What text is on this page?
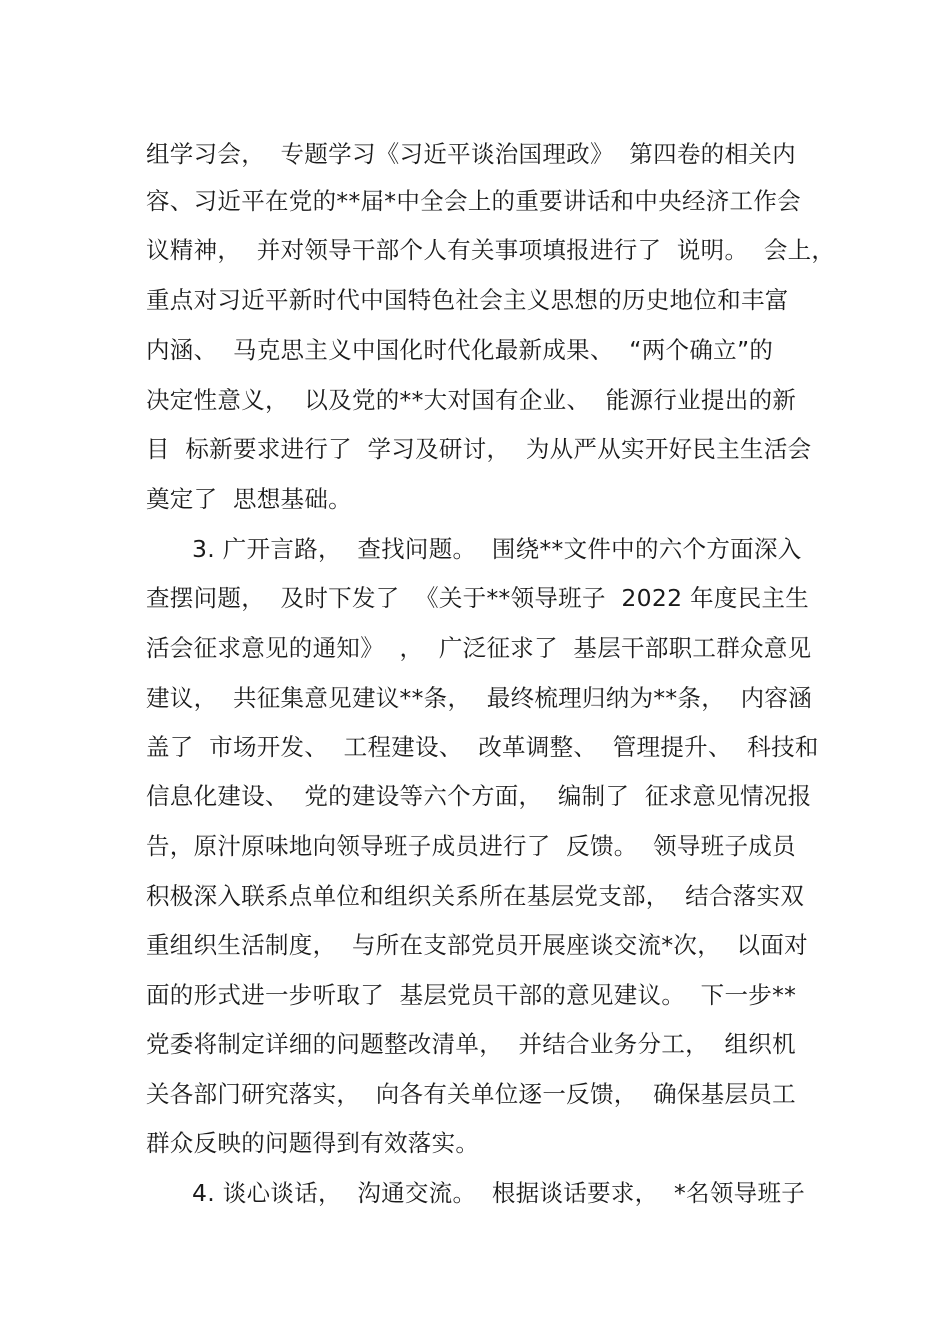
组学习会，  专题学习《习近平谈治国理政》  第四卷的相关内
容、习近平在党的**届*中全会上的重要讲话和中央经济工作会
议精神，  并对领导干部个人有关事项填报进行了  说明。  会上，
重点对习近平新时代中国特色社会主义思想的历史地位和丰富
内涵、  马克思主义中国化时代化最新成果、  “两个确立”的
决定性意义，  以及党的**大对国有企业、  能源行业提出的新
目  标新要求进行了  学习及研讨，  为从严从实开好民主生活会
奠定了  思想基础。
3. 广开言路，  查找问题。  围绕**文件中的六个方面深入
查摆问题，  及时下发了  《关于**领导班子  2022 年度民主生
活会征求意见的通知》  ，  广泛征求了  基层干部职工群众意见
建议，  共征集意见建议**条，  最终梳理归纳为**条，  内容涵
盖了  市场开发、  工程建设、  改革调整、  管理提升、  科技和
信息化建设、  党的建设等六个方面，  编制了  征求意见情况报
告，原汁原味地向领导班子成员进行了  反馈。  领导班子成员
积极深入联系点单位和组织关系所在基层党支部，  结合落实双
重组织生活制度，  与所在支部党员开展座谈交流*次，  以面对
面的形式进一步听取了  基层党员干部的意见建议。  下一步**
党委将制定详细的问题整改清单，  并结合业务分工，  组织机
关各部门研究落实，  向各有关单位逐一反馈，  确保基层员工
群众反映的问题得到有效落实。
4. 谈心谈话，  沟通交流。  根据谈话要求，  *名领导班子
